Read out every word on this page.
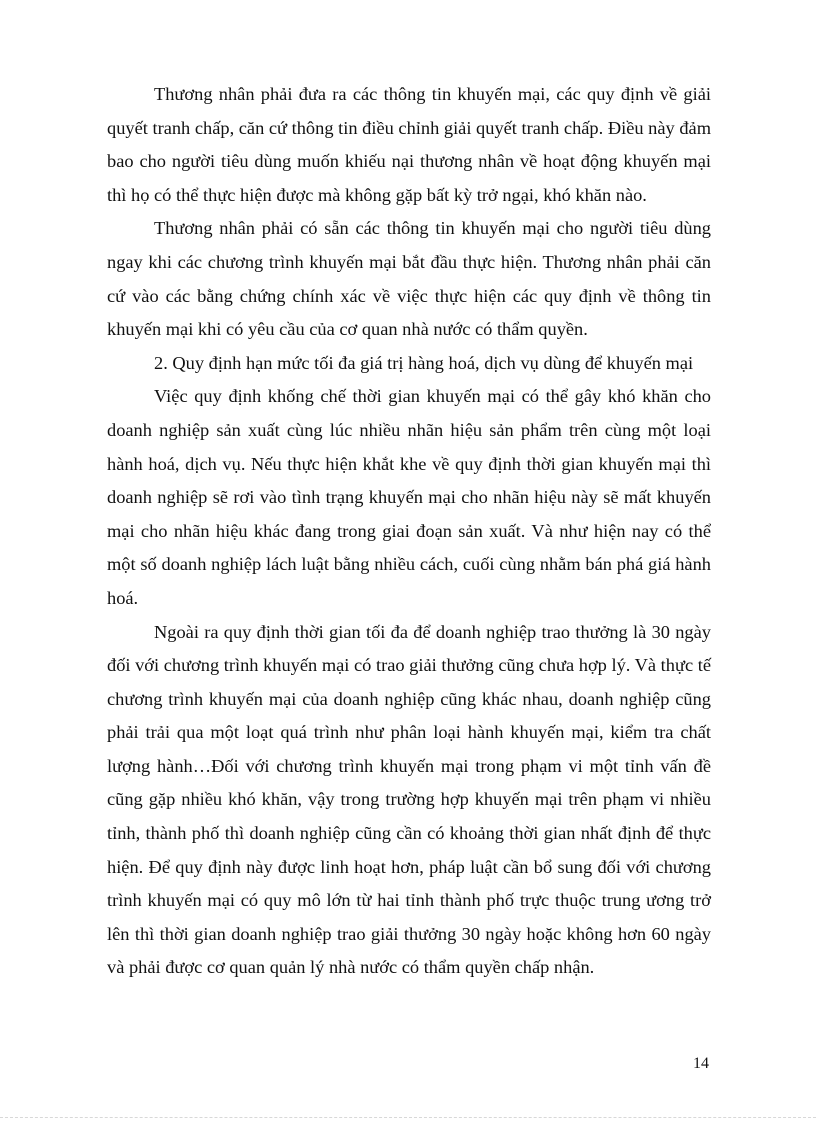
Thương nhân phải đưa ra các thông tin khuyến mại, các quy định về giải quyết tranh chấp, căn cứ thông tin điều chỉnh giải quyết tranh chấp. Điều này đảm bao cho người tiêu dùng muốn khiếu nại thương nhân về hoạt động khuyến mại thì họ có thể thực hiện được mà không gặp bất kỳ trở ngại, khó khăn nào.

Thương nhân phải có sẵn các thông tin khuyến mại cho người tiêu dùng ngay khi các chương trình khuyến mại bắt đầu thực hiện. Thương nhân phải căn cứ vào các bằng chứng chính xác về việc thực hiện các quy định về thông tin khuyến mại khi có yêu cầu của cơ quan nhà nước có thẩm quyền.

2. Quy định hạn mức tối đa giá trị hàng hoá, dịch vụ dùng để khuyến mại

Việc quy định khống chế thời gian khuyến mại có thể gây khó khăn cho doanh nghiệp sản xuất cùng lúc nhiều nhãn hiệu sản phẩm trên cùng một loại hành hoá, dịch vụ. Nếu thực hiện khắt khe về quy định thời gian khuyến mại thì doanh nghiệp sẽ rơi vào tình trạng khuyến mại cho nhãn hiệu này sẽ mất khuyến mại cho nhãn hiệu khác đang trong giai đoạn sản xuất. Và như hiện nay có thể một số doanh nghiệp lách luật bằng nhiều cách, cuối cùng nhằm bán phá giá hành hoá.

Ngoài ra quy định thời gian tối đa để doanh nghiệp trao thưởng là 30 ngày đối với chương trình khuyến mại có trao giải thưởng cũng chưa hợp lý. Và thực tế chương trình khuyến mại của doanh nghiệp cũng khác nhau, doanh nghiệp cũng phải trải qua một loạt quá trình như phân loại hành khuyến mại, kiểm tra chất lượng hành…Đối với chương trình khuyến mại trong phạm vi một tỉnh vấn đề cũng gặp nhiều khó khăn, vậy trong trường hợp khuyến mại trên phạm vi nhiều tỉnh, thành phố thì doanh nghiệp cũng cần có khoảng thời gian nhất định để thực hiện. Để quy định này được linh hoạt hơn, pháp luật cần bổ sung đối với chương trình khuyến mại có quy mô lớn từ hai tỉnh thành phố trực thuộc trung ương trở lên thì thời gian doanh nghiệp trao giải thưởng 30 ngày hoặc không hơn 60 ngày và phải được cơ quan quản lý nhà nước có thẩm quyền chấp nhận.

14
